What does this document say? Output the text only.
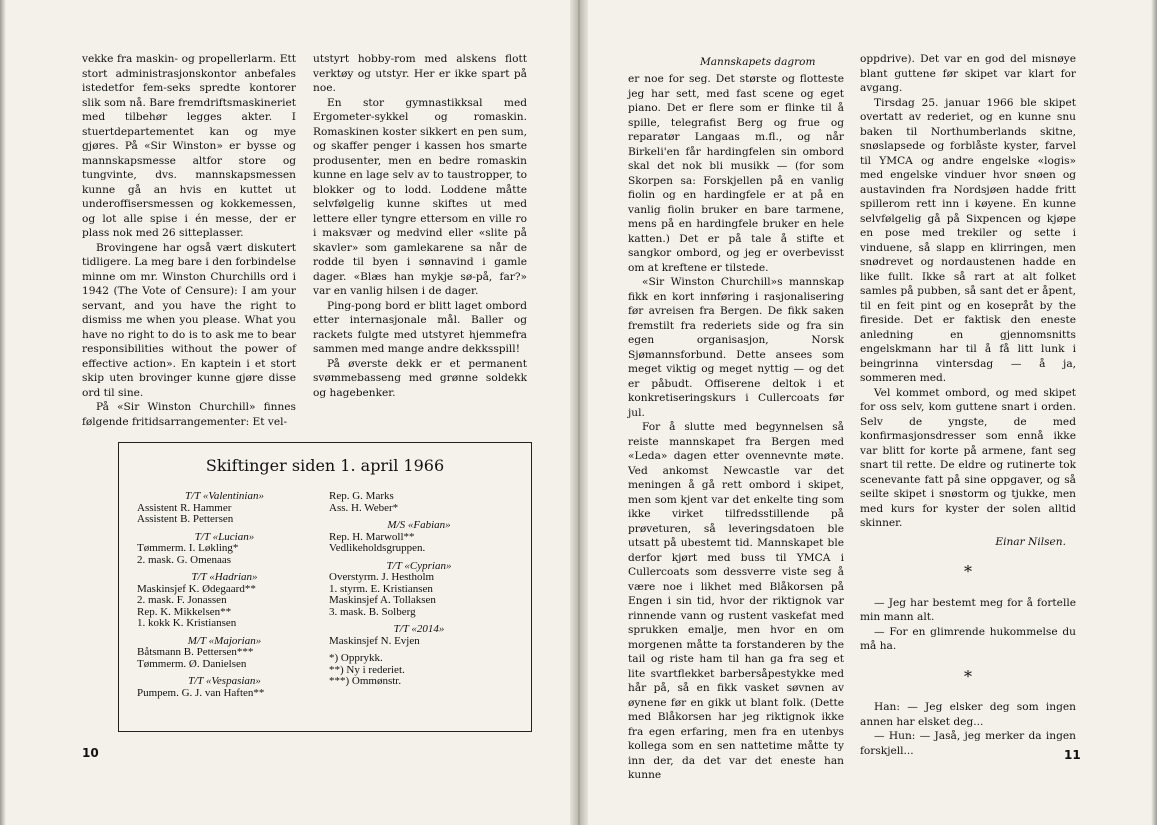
vekke fra maskin- og propellerlarm. Ett stort administrasjonskontor anbefales istedetfor fem-seks spredte kontorer slik som nå. Bare fremdriftsmaskineriet med tilbehør legges akter. I stuertdepartementet kan og mye gjøres. På «Sir Winston» er bysse og mannskapsmesse altfor store og tungvinte, dvs. mannskapsmessen kunne gå an hvis en kuttet ut underoffisersmessen og kokkemessen, og lot alle spise i én messe, der er plass nok med 26 sitteplasser.

Brovingene har også vært diskutert tidligere. La meg bare i den forbindelse minne om mr. Winston Churchills ord i 1942 (The Vote of Censure): I am your servant, and you have the right to dismiss me when you please. What you have no right to do is to ask me to bear responsibilities without the power of effective action». En kaptein i et stort skip uten brovinger kunne gjøre disse ord til sine.

På «Sir Winston Churchill» finnes følgende fritidsarrangementer: Et vel-

utstyrt hobby-rom med alskens flott verktøy og utstyr. Her er ikke spart på noe.

En stor gymnastikksal med Ergometer-sykkel og romaskin. Romaskinen koster sikkert en pen sum, og skaffer penger i kassen hos smarte produsenter, men en bedre romaskin kunne en lage selv av to taustropper, to blokker og to lodd. Loddene måtte selvfølgelig kunne skiftes ut med lettere eller tyngre ettersom en ville ro i maksvær og medvind eller «slite på skavler» som gamlekarene sa når de rodde til byen i sønnavind i gamle dager. «Blæs han mykje sø-på, far?» var en vanlig hilsen i de dager.

Ping-pong bord er blitt laget ombord etter internasjonale mål. Baller og rackets fulgte med utstyret hjemmefra sammen med mange andre dekksspill!

På øverste dekk er et permanent svømmebasseng med grønne soldekk og hagebenker.

Skiftinger siden 1. april 1966
T/T «Valentinian»
Assistent R. Hammer
Assistent B. Pettersen
T/T «Lucian»
Tømmerm. I. Løkling*
2. mask. G. Omenaas
T/T «Hadrian»
Maskinsjef K. Ødegaard**
2. mask. F. Jonassen
Rep. K. Mikkelsen**
1. kokk K. Kristiansen
M/T «Majorian»
Båtsmann B. Pettersen***
Tømmerm. Ø. Danielsen
T/T «Vespasian»
Pumpem. G. J. van Haften**
Rep. G. Marks
Ass. H. Weber*
M/S «Fabian»
Rep. H. Marwoll**
Vedlikeholdsgruppen.
T/T «Cyprian»
Overstyrm. J. Hestholm
1. styrm. E. Kristiansen
Maskinsjef A. Tollaksen
3. mask. B. Solberg
T/T «2014»
Maskinsjef N. Evjen
*) Opprykk.
**) Ny i rederiet.
***) Ommønstr.
10
Mannskapets dagrom

er noe for seg. Det største og flotteste jeg har sett, med fast scene og eget piano. Det er flere som er flinke til å spille, telegrafist Berg og frue og reparatør Langaas m.fl., og når Birkeli'en får hardingfelen sin ombord skal det nok bli musikk — (for som Skorpen sa: Forskjellen på en vanlig fiolin og en hardingfele er at på en vanlig fiolin bruker en bare tarmene, mens på en hardingfele bruker en hele katten.) Det er på tale å stifte et sangkor ombord, og jeg er overbevisst om at kreftene er tilstede.

«Sir Winston Churchill»s mannskap fikk en kort innføring i rasjonalisering før avreisen fra Bergen. De fikk saken fremstilt fra rederiets side og fra sin egen organisasjon, Norsk Sjømannsforbund. Dette ansees som meget viktig og meget nyttig — og det er påbudt. Offiserene deltok i et konkretiseringskurs i Cullercoats før jul.

For å slutte med begynnelsen så reiste mannskapet fra Bergen med «Leda» dagen etter ovennevnte møte. Ved ankomst Newcastle var det meningen å gå rett ombord i skipet, men som kjent var det enkelte ting som ikke virket tilfredsstillende på prøveturen, så leveringsdatoen ble utsatt på ubestemt tid. Mannskapet ble derfor kjørt med buss til YMCA i Cullercoats som dessverre viste seg å være noe i likhet med Blåkorsen på Engen i sin tid, hvor der riktignok var rinnende vann og rustent vaskefat med sprukken emalje, men hvor en om morgenen måtte ta forstanderen by the tail og riste ham til han ga fra seg et lite svartflekket barbersåpestykke med hår på, så en fikk vasket søvnen av øynene før en gikk ut blant folk. (Dette med Blåkorsen har jeg riktignok ikke fra egen erfaring, men fra en utenbys kollega som en sen nattetime måtte ty inn der, da det var det eneste han kunne

oppdrive). Det var en god del misnøye blant guttene før skipet var klart for avgang.

Tirsdag 25. januar 1966 ble skipet overtatt av rederiet, og en kunne snu baken til Northumberlands skitne, snøslapsede og forblåste kyster, farvel til YMCA og andre engelske «logis» med engelske vinduer hvor snøen og austavinden fra Nordsjøen hadde fritt spillerom rett inn i køyene. En kunne selvfølgelig gå på Sixpencen og kjøpe en pose med trekiler og sette i vinduene, så slapp en klirringen, men snødrevet og nordaustenen hadde en like fullt. Ikke så rart at alt folket samles på pubben, så sant det er åpent, til en feit pint og en kosepråt by the fireside. Det er faktisk den eneste anledning en gjennomsnitts engelskmann har til å få litt lunk i beingrinna vintersdag — å ja, sommeren med.

Vel kommet ombord, og med skipet for oss selv, kom guttene snart i orden. Selv de yngste, de med konfirmasjonsdresser som ennå ikke var blitt for korte på armene, fant seg snart til rette. De eldre og rutinerte tok scenevante fatt på sine oppgaver, og så seilte skipet i snøstorm og tjukke, men med kurs for kyster der solen alltid skinner.

Einar Nilsen.
*

— Jeg har bestemt meg for å fortelle min mann alt.

— For en glimrende hukommelse du må ha.

*

Han: — Jeg elsker deg som ingen annen har elsket deg...

— Hun: — Jaså, jeg merker da ingen forskjell...	11
